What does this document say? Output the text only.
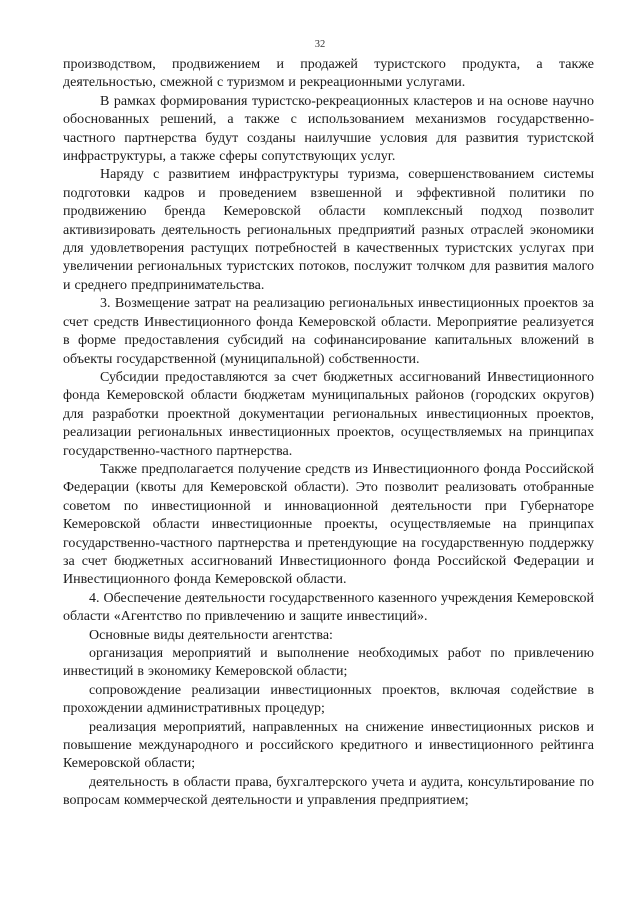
32

производством, продвижением и продажей туристского продукта, а также деятельностью, смежной с туризмом и рекреационными услугами.

В рамках формирования туристско-рекреационных кластеров и на основе научно обоснованных решений, а также с использованием механизмов государственно-частного партнерства будут созданы наилучшие условия для развития туристской инфраструктуры, а также сферы сопутствующих услуг.

Наряду с развитием инфраструктуры туризма, совершенствованием системы подготовки кадров и проведением взвешенной и эффективной политики по продвижению бренда Кемеровской области комплексный подход позволит активизировать деятельность региональных предприятий разных отраслей экономики для удовлетворения растущих потребностей в качественных туристских услугах при увеличении региональных туристских потоков, послужит толчком для развития малого и среднего предпринимательства.

3. Возмещение затрат на реализацию региональных инвестиционных проектов за счет средств Инвестиционного фонда Кемеровской области. Мероприятие реализуется в форме предоставления субсидий на софинансирование капитальных вложений в объекты государственной (муниципальной) собственности.

Субсидии предоставляются за счет бюджетных ассигнований Инвестиционного фонда Кемеровской области бюджетам муниципальных районов (городских округов) для разработки проектной документации региональных инвестиционных проектов, реализации региональных инвестиционных проектов, осуществляемых на принципах государственно-частного партнерства.

Также предполагается получение средств из Инвестиционного фонда Российской Федерации (квоты для Кемеровской области). Это позволит реализовать отобранные советом по инвестиционной и инновационной деятельности при Губернаторе Кемеровской области инвестиционные проекты, осуществляемые на принципах государственно-частного партнерства и претендующие на государственную поддержку за счет бюджетных ассигнований Инвестиционного фонда Российской Федерации и Инвестиционного фонда Кемеровской области.

4. Обеспечение деятельности государственного казенного учреждения Кемеровской области «Агентство по привлечению и защите инвестиций».

Основные виды деятельности агентства:

организация мероприятий и выполнение необходимых работ по привлечению инвестиций в экономику Кемеровской области;

сопровождение реализации инвестиционных проектов, включая содействие в прохождении административных процедур;

реализация мероприятий, направленных на снижение инвестиционных рисков и повышение международного и российского кредитного и инвестиционного рейтинга Кемеровской области;

деятельность в области права, бухгалтерского учета и аудита, консультирование по вопросам коммерческой деятельности и управления предприятием;
